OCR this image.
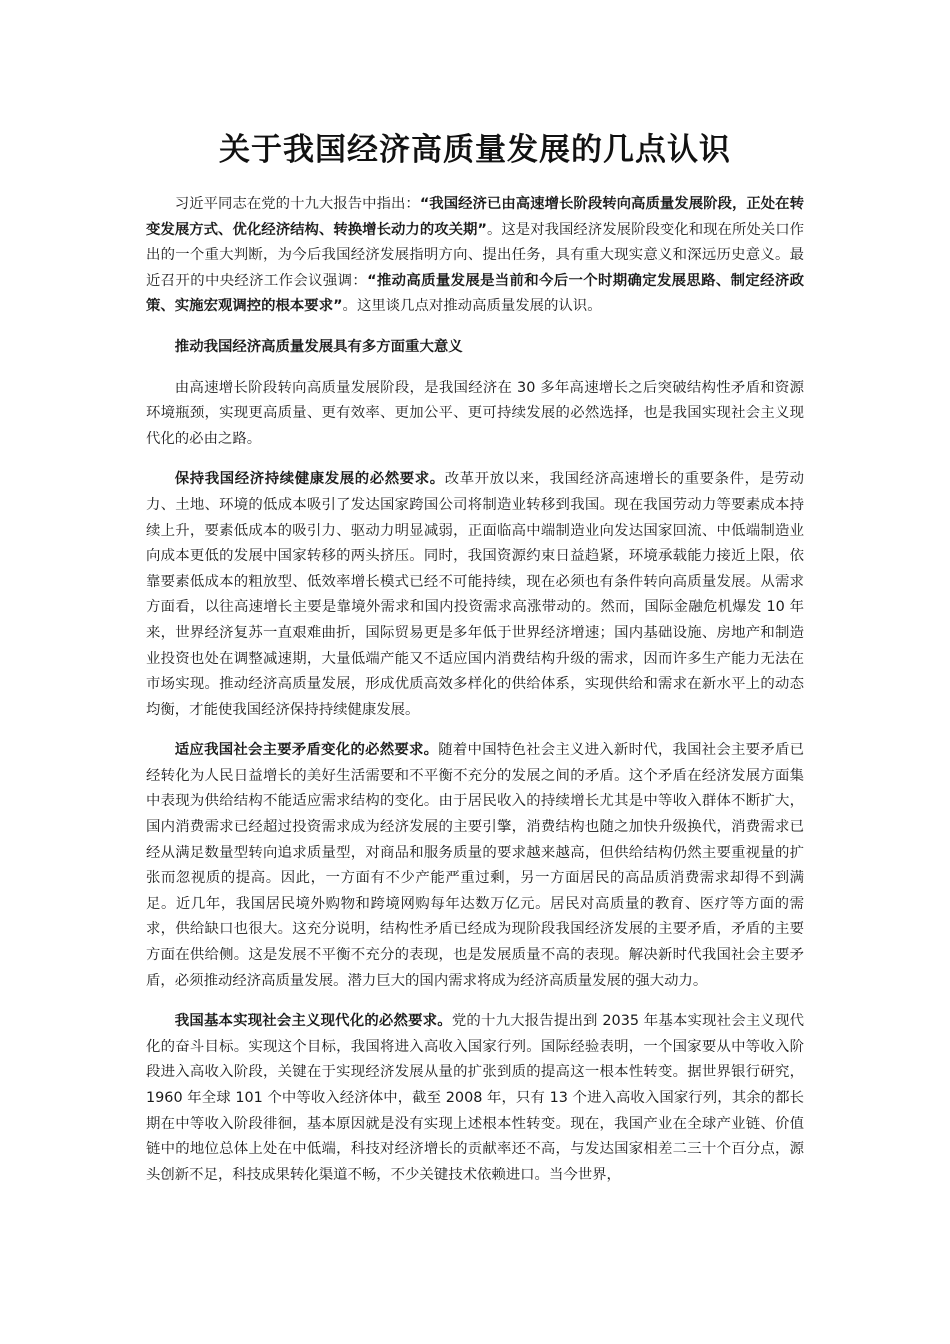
关于我国经济高质量发展的几点认识

习近平同志在党的十九大报告中指出：“我国经济已由高速增长阶段转向高质量发展阶段，正处在转变发展方式、优化经济结构、转换增长动力的攻关期”。这是对我国经济发展阶段变化和现在所处关口作出的一个重大判断，为今后我国经济发展指明方向、提出任务，具有重大现实意义和深远历史意义。最近召开的中央经济工作会议强调：“推动高质量发展是当前和今后一个时期确定发展思路、制定经济政策、实施宏观调控的根本要求”。这里谈几点对推动高质量发展的认识。

推动我国经济高质量发展具有多方面重大意义

由高速增长阶段转向高质量发展阶段，是我国经济在 30 多年高速增长之后突破结构性矛盾和资源环境瓶颈，实现更高质量、更有效率、更加公平、更可持续发展的必然选择，也是我国实现社会主义现代化的必由之路。

保持我国经济持续健康发展的必然要求。改革开放以来，我国经济高速增长的重要条件，是劳动力、土地、环境的低成本吸引了发达国家跨国公司将制造业转移到我国。现在我国劳动力等要素成本持续上升，要素低成本的吸引力、驱动力明显减弱，正面临高中端制造业向发达国家回流、中低端制造业向成本更低的发展中国家转移的两头挤压。同时，我国资源约束日益趋紧，环境承载能力接近上限，依靠要素低成本的粗放型、低效率增长模式已经不可能持续，现在必须也有条件转向高质量发展。从需求方面看，以往高速增长主要是靠境外需求和国内投资需求高涨带动的。然而，国际金融危机爆发 10 年来，世界经济复苏一直艰难曲折，国际贸易更是多年低于世界经济增速；国内基础设施、房地产和制造业投资也处在调整减速期，大量低端产能又不适应国内消费结构升级的需求，因而许多生产能力无法在市场实现。推动经济高质量发展，形成优质高效多样化的供给体系，实现供给和需求在新水平上的动态均衡，才能使我国经济保持持续健康发展。

适应我国社会主要矛盾变化的必然要求。随着中国特色社会主义进入新时代，我国社会主要矛盾已经转化为人民日益增长的美好生活需要和不平衡不充分的发展之间的矛盾。这个矛盾在经济发展方面集中表现为供给结构不能适应需求结构的变化。由于居民收入的持续增长尤其是中等收入群体不断扩大，国内消费需求已经超过投资需求成为经济发展的主要引擎，消费结构也随之加快升级换代，消费需求已经从满足数量型转向追求质量型，对商品和服务质量的要求越来越高，但供给结构仍然主要重视量的扩张而忽视质的提高。因此，一方面有不少产能严重过剩，另一方面居民的高品质消费需求却得不到满足。近几年，我国居民境外购物和跨境网购每年达数万亿元。居民对高质量的教育、医疗等方面的需求，供给缺口也很大。这充分说明，结构性矛盾已经成为现阶段我国经济发展的主要矛盾，矛盾的主要方面在供给侧。这是发展不平衡不充分的表现，也是发展质量不高的表现。解决新时代我国社会主要矛盾，必须推动经济高质量发展。潜力巨大的国内需求将成为经济高质量发展的强大动力。

我国基本实现社会主义现代化的必然要求。党的十九大报告提出到 2035 年基本实现社会主义现代化的奋斗目标。实现这个目标，我国将进入高收入国家行列。国际经验表明，一个国家要从中等收入阶段进入高收入阶段，关键在于实现经济发展从量的扩张到质的提高这一根本性转变。据世界银行研究，1960 年全球 101 个中等收入经济体中，截至 2008 年，只有 13 个进入高收入国家行列，其余的都长期在中等收入阶段徘徊，基本原因就是没有实现上述根本性转变。现在，我国产业在全球产业链、价值链中的地位总体上处在中低端，科技对经济增长的贡献率还不高，与发达国家相差二三十个百分点，源头创新不足，科技成果转化渠道不畅，不少关键技术依赖进口。当今世界，
